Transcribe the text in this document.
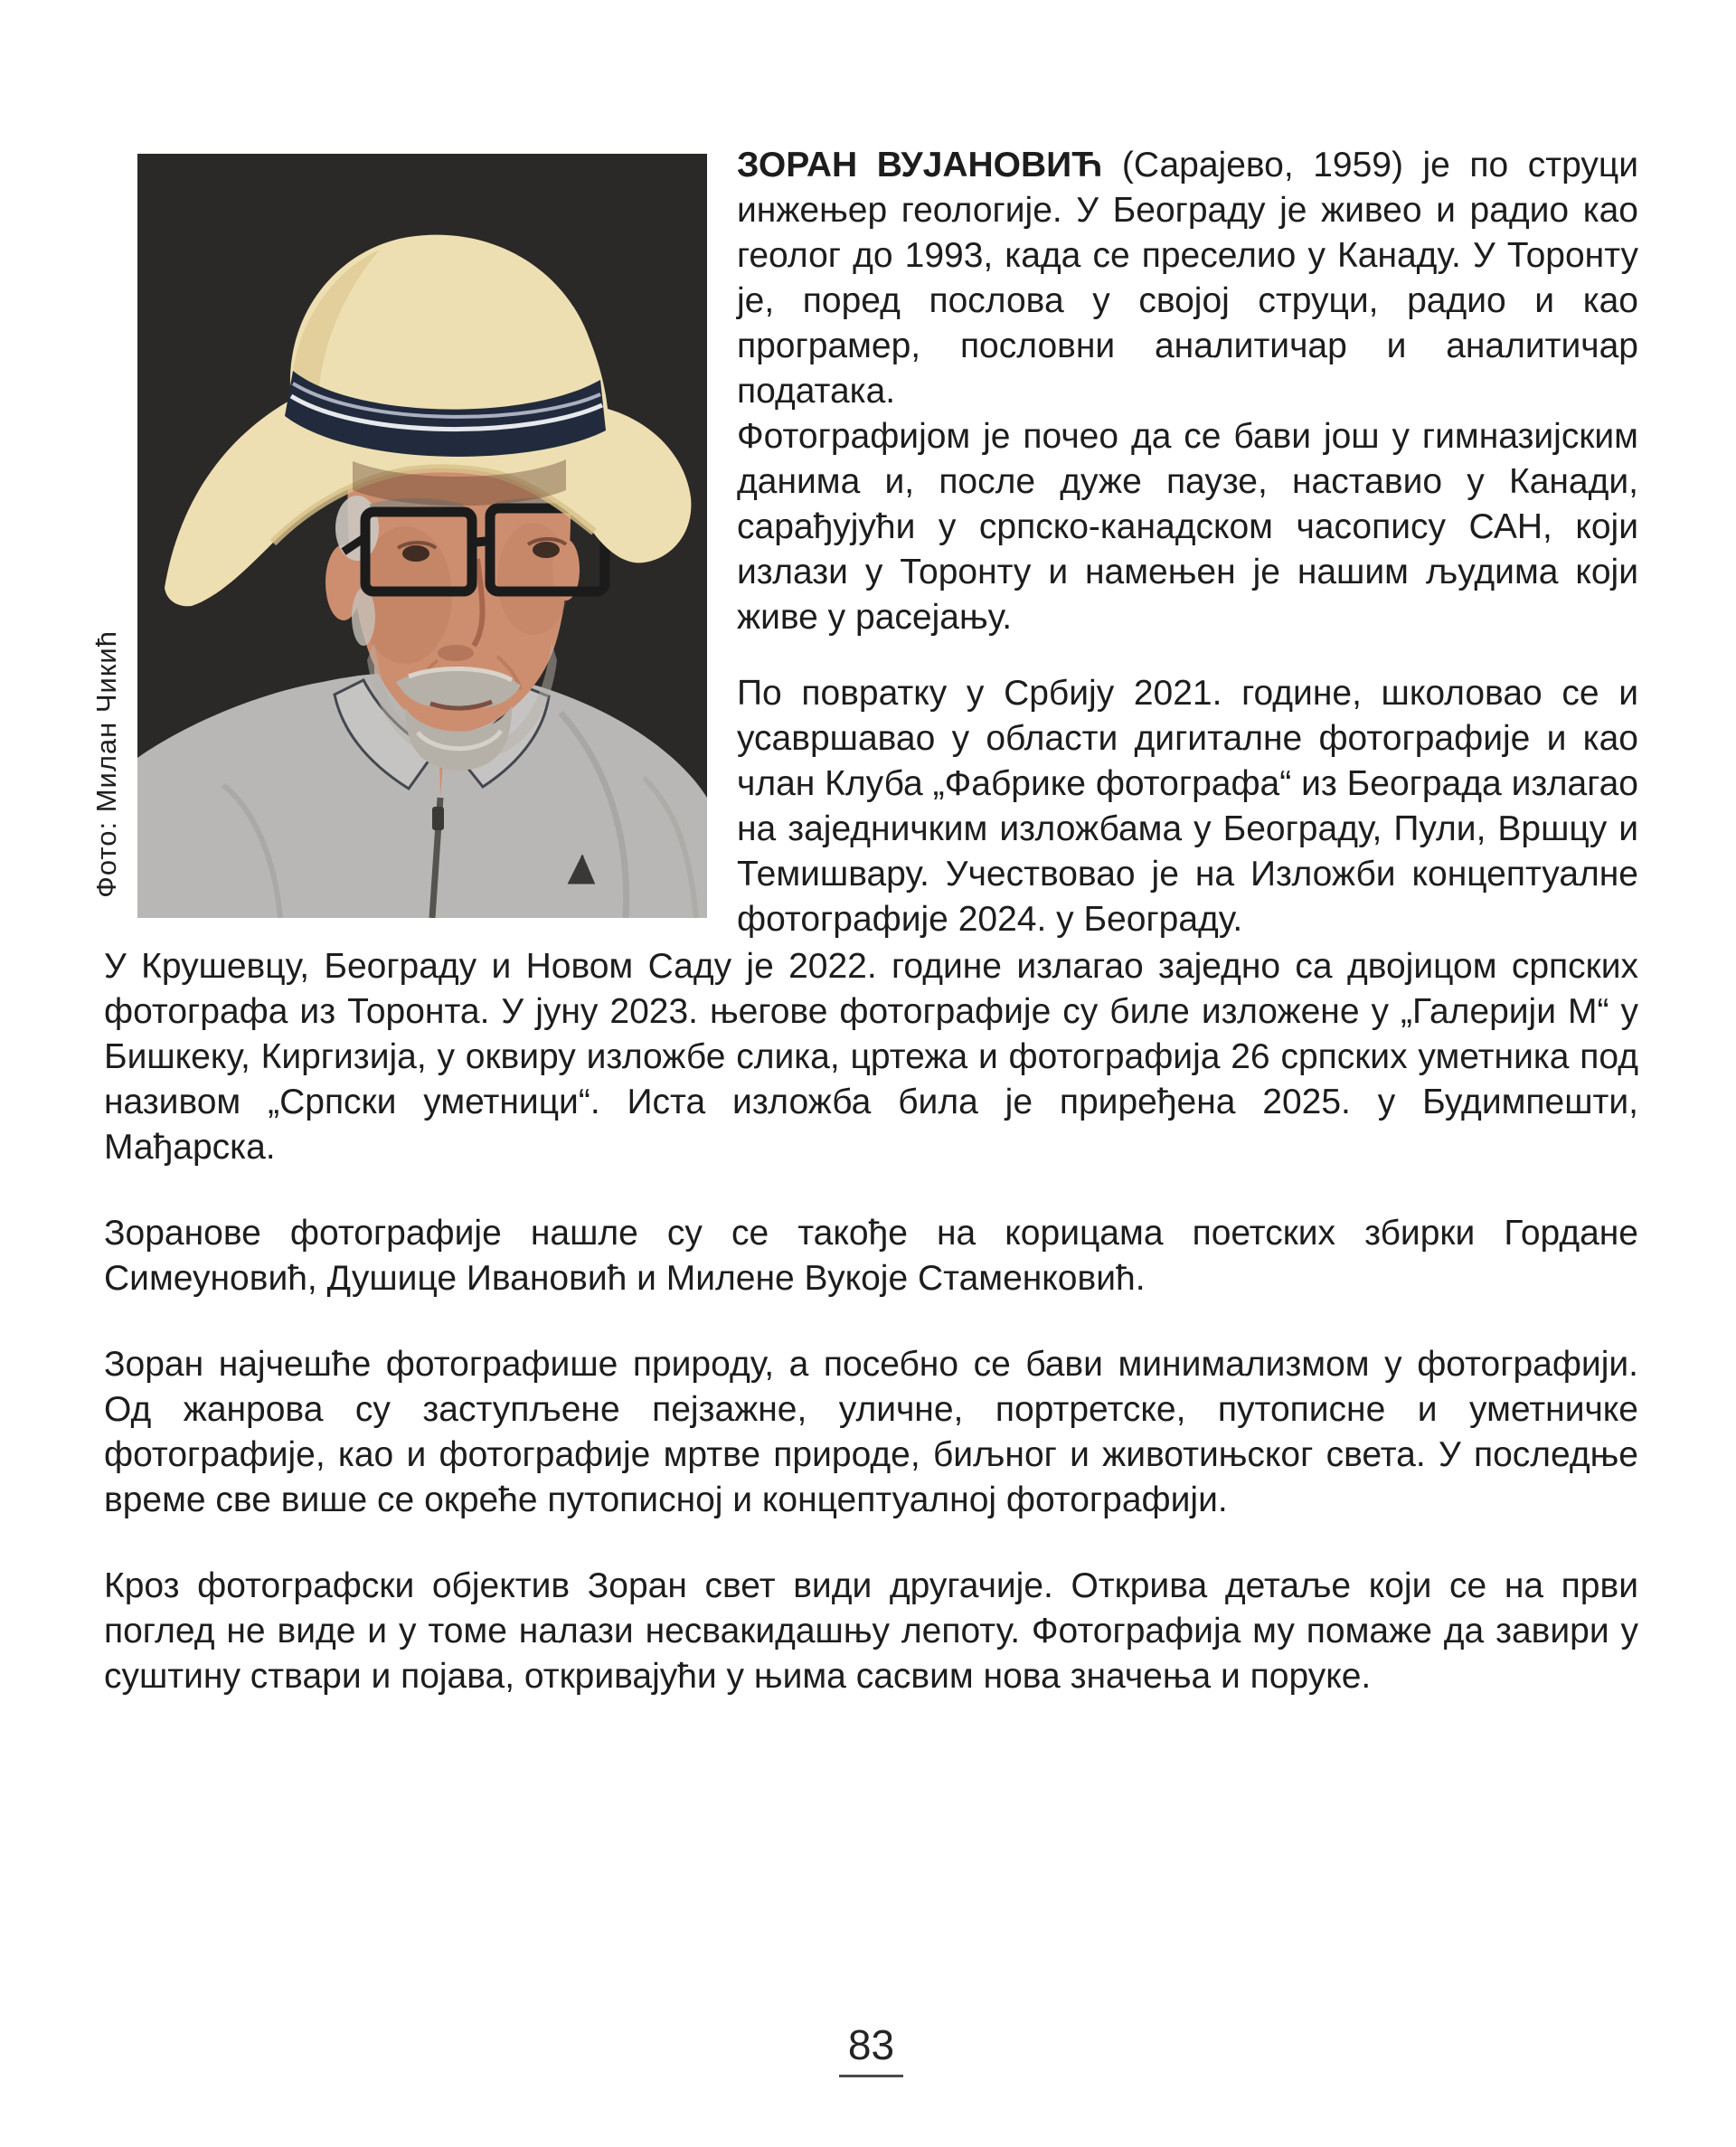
Фото: Милан Чикић

ЗОРАН ВУЈАНОВИЋ (Сарајево, 1959) је по струци инжењер геологије. У Београду је живео и радио као геолог до 1993, када се преселио у Канаду. У Торонту је, поред послова у својој струци, радио и као програмер, пословни аналитичар и аналитичар података.

Фотографијом је почео да се бави још у гимназијским данима и, после дуже паузе, наставио у Канади, сарађујући у српско-канадском часопису САН, који излази у Торонту и намењен је нашим људима који живе у расејању.

По повратку у Србију 2021. године, школовао се и усавршавао у области дигиталне фотографије и као члан Клуба „Фабрике фотографа“ из Београда излагао на заједничким изложбама у Београду, Пули, Вршцу и Темишвару. Учествовао је на Изложби концептуалне фотографије 2024. у Београду.

У Крушевцу, Београду и Новом Саду је 2022. године излагао заједно са двојицом српских фотографа из Торонта. У јуну 2023. његове фотографије су биле изложене у „Галерији М“ у Бишкеку, Киргизија, у оквиру изложбе слика, цртежа и фотографија 26 српских уметника под називом „Српски уметници“. Иста изложба била је приређена 2025. у Будимпешти, Мађарска.

Зоранове фотографије нашле су се такође на корицама поетских збирки Гордане Симеуновић, Душице Ивановић и Милене Вукоје Стаменковић.

Зоран најчешће фотографише природу, а посебно се бави минимализмом у фотографији. Од жанрова су заступљене пејзажне, уличне, портретске, путописне и уметничке фотографије, као и фотографије мртве природе, биљног и животињског света. У последње време све више се окреће путописној и концептуалној фотографији.

Кроз фотографски објектив Зоран свет види другачије. Открива детаље који се на први поглед не виде и у томе налази несвакидашњу лепоту. Фотографија му помаже да завири у суштину ствари и појава, откривајући у њима сасвим нова значења и поруке.

83
